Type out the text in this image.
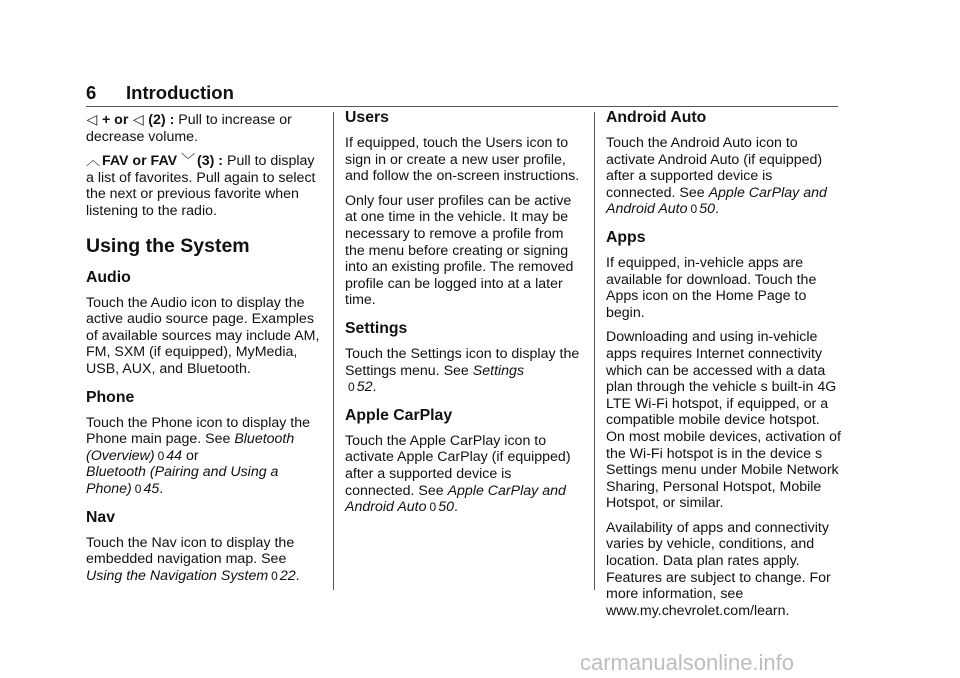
6 Introduction

◁ + or ◁ (2) : Pull to increase or decrease volume.

︿ FAV or FAV ﹀ (3) : Pull to display a list of favorites. Pull again to select the next or previous favorite when listening to the radio.

Using the System
Audio

Touch the Audio icon to display the active audio source page. Examples of available sources may include AM, FM, SXM (if equipped), MyMedia, USB, AUX, and Bluetooth.

Phone

Touch the Phone icon to display the Phone main page. See Bluetooth (Overview) 0 44 or
Bluetooth (Pairing and Using a Phone) 0 45.

Nav

Touch the Nav icon to display the embedded navigation map. See Using the Navigation System 0 22.

Users

If equipped, touch the Users icon to sign in or create a new user profile, and follow the on-screen instructions.

Only four user profiles can be active at one time in the vehicle. It may be necessary to remove a profile from the menu before creating or signing into an existing profile. The removed profile can be logged into at a later time.

Settings

Touch the Settings icon to display the Settings menu. See Settings
0 52.

Apple CarPlay

Touch the Apple CarPlay icon to activate Apple CarPlay (if equipped) after a supported device is connected. See Apple CarPlay and Android Auto 0 50.

Android Auto

Touch the Android Auto icon to activate Android Auto (if equipped) after a supported device is connected. See Apple CarPlay and Android Auto 0 50.

Apps

If equipped, in-vehicle apps are available for download. Touch the Apps icon on the Home Page to begin.

Downloading and using in-vehicle apps requires Internet connectivity which can be accessed with a data plan through the vehicle s built-in 4G LTE Wi-Fi hotspot, if equipped, or a compatible mobile device hotspot. On most mobile devices, activation of the Wi-Fi hotspot is in the device s Settings menu under Mobile Network Sharing, Personal Hotspot, Mobile Hotspot, or similar.

Availability of apps and connectivity varies by vehicle, conditions, and location. Data plan rates apply. Features are subject to change. For more information, see www.my.chevrolet.com/learn.

carmanualsonline.info
